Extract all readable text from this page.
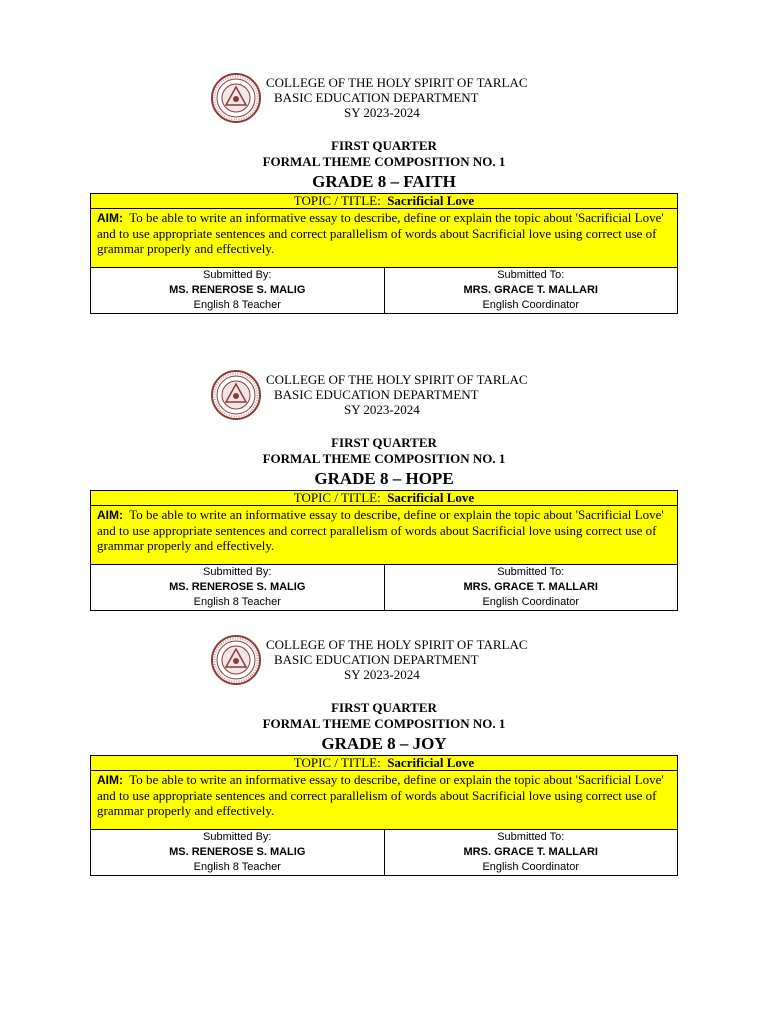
COLLEGE OF THE HOLY SPIRIT OF TARLAC
BASIC EDUCATION DEPARTMENT
SY 2023-2024
FIRST QUARTER
FORMAL THEME COMPOSITION NO. 1
GRADE 8 – FAITH
TOPIC / TITLE: Sacrificial Love
AIM: To be able to write an informative essay to describe, define or explain the topic about 'Sacrificial Love' and to use appropriate sentences and correct parallelism of words about Sacrificial love using correct use of grammar properly and effectively.

Submitted By:
MS. RENEROSE S. MALIG
English 8 Teacher

Submitted To:
MRS. GRACE T. MALLARI
English Coordinator
COLLEGE OF THE HOLY SPIRIT OF TARLAC
BASIC EDUCATION DEPARTMENT
SY 2023-2024
FIRST QUARTER
FORMAL THEME COMPOSITION NO. 1
GRADE 8 – HOPE
TOPIC / TITLE: Sacrificial Love
AIM: To be able to write an informative essay to describe, define or explain the topic about 'Sacrificial Love' and to use appropriate sentences and correct parallelism of words about Sacrificial love using correct use of grammar properly and effectively.

Submitted By:
MS. RENEROSE S. MALIG
English 8 Teacher

Submitted To:
MRS. GRACE T. MALLARI
English Coordinator
COLLEGE OF THE HOLY SPIRIT OF TARLAC
BASIC EDUCATION DEPARTMENT
SY 2023-2024
FIRST QUARTER
FORMAL THEME COMPOSITION NO. 1
GRADE 8 – JOY
TOPIC / TITLE: Sacrificial Love
AIM: To be able to write an informative essay to describe, define or explain the topic about 'Sacrificial Love' and to use appropriate sentences and correct parallelism of words about Sacrificial love using correct use of grammar properly and effectively.

Submitted By:
MS. RENEROSE S. MALIG
English 8 Teacher

Submitted To:
MRS. GRACE T. MALLARI
English Coordinator
